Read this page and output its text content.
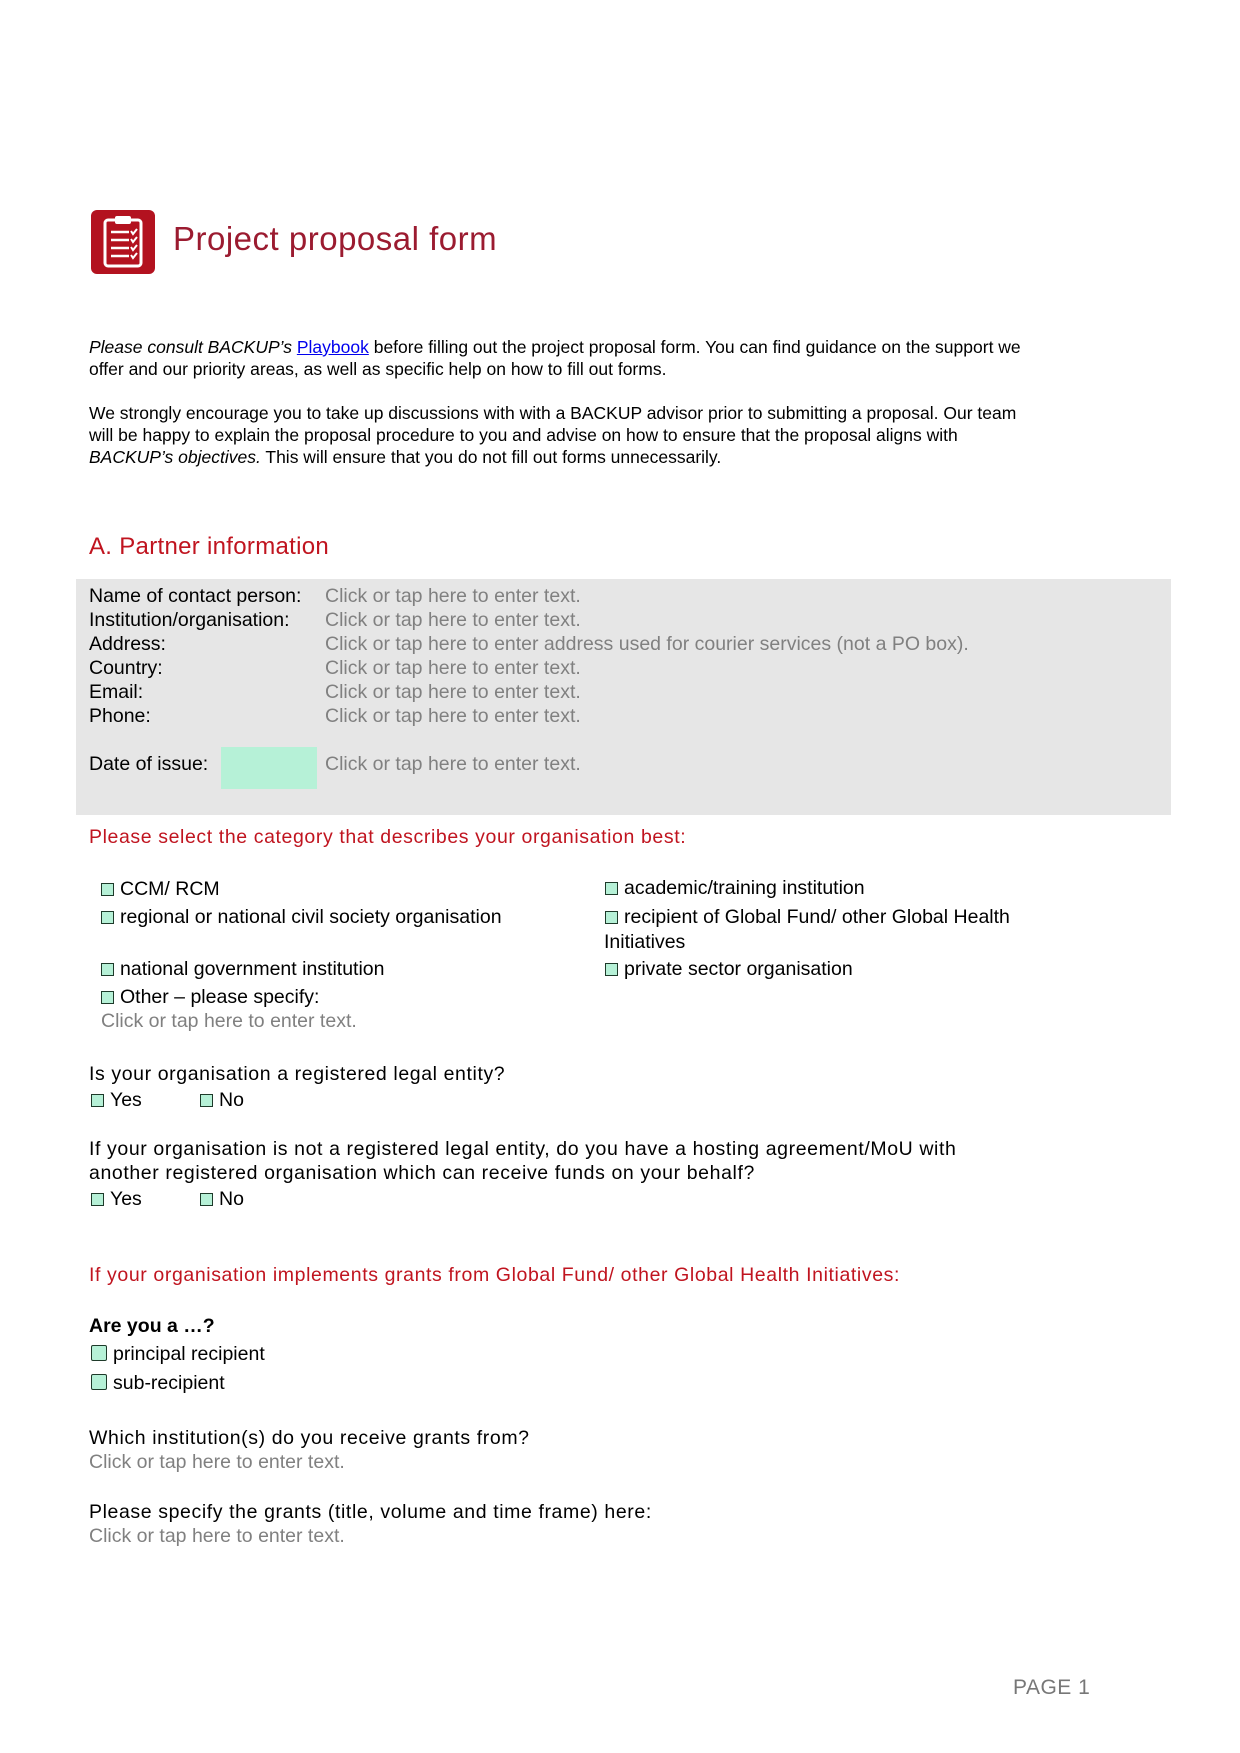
Project proposal form
Please consult BACKUP’s Playbook before filling out the project proposal form. You can find guidance on the support we
offer and our priority areas, as well as specific help on how to fill out forms.
We strongly encourage you to take up discussions with with a BACKUP advisor prior to submitting a proposal. Our team
will be happy to explain the proposal procedure to you and advise on how to ensure that the proposal aligns with
BACKUP’s objectives. This will ensure that you do not fill out forms unnecessarily.
A. Partner information
Name of contact person: Click or tap here to enter text.
Institution/organisation: Click or tap here to enter text.
Address:	Click or tap here to enter address used for courier services (not a PO box).
Country:	Click or tap here to enter text.
Email:	Click or tap here to enter text.
Phone:	Click or tap here to enter text.
Date of issue:	Click or tap here to enter text.
Please select the category that describes your organisation best:
CCM/ RCM
regional or national civil society organisation
national government institution
Other – please specify:
Click or tap here to enter text.
academic/training institution
recipient of Global Fund/ other Global Health
Initiatives
private sector organisation
Is your organisation a registered legal entity?
Yes	No
If your organisation is not a registered legal entity, do you have a hosting agreement/MoU with
another registered organisation which can receive funds on your behalf?
Yes	No
If your organisation implements grants from Global Fund/ other Global Health Initiatives:
Are you a …?
principal recipient
sub-recipient
Which institution(s) do you receive grants from?
Click or tap here to enter text.
Please specify the grants (title, volume and time frame) here:
Click or tap here to enter text.
PAGE 1
